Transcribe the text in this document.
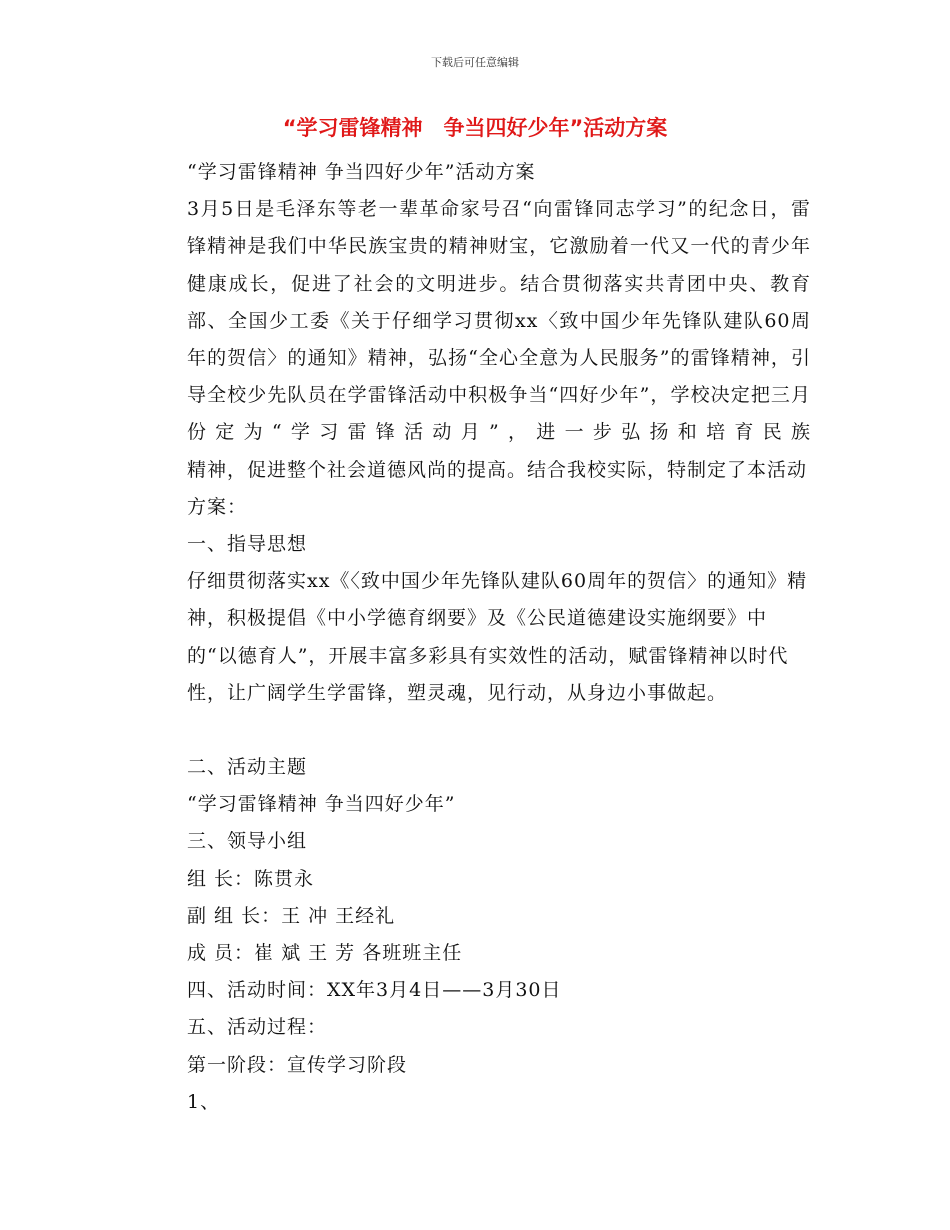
下载后可任意编辑
“学习雷锋精神　争当四好少年”活动方案

“学习雷锋精神 争当四好少年”活动方案

3月5日是毛泽东等老一辈革命家号召“向雷锋同志学习”的纪念日，雷锋精神是我们中华民族宝贵的精神财宝，它激励着一代又一代的青少年健康成长，促进了社会的文明进步。结合贯彻落实共青团中央、教育部、全国少工委《关于仔细学习贯彻xx〈致中国少年先锋队建队60周年的贺信〉的通知》精神，弘扬“全心全意为人民服务”的雷锋精神，引导全校少先队员在学雷锋活动中积极争当“四好少年”，学校决定把三月份定为“学习雷锋活动月”，进一步弘扬和培育民族

精神，促进整个社会道德风尚的提高。结合我校实际，特制定了本活动方案：

一、指导思想

仔细贯彻落实xx《〈致中国少年先锋队建队60周年的贺信〉的通知》精神，积极提倡《中小学德育纲要》及《公民道德建设实施纲要》中的“以德育人”，开展丰富多彩具有实效性的活动，赋雷锋精神以时代性，让广阔学生学雷锋，塑灵魂，见行动，从身边小事做起。

二、活动主题

“学习雷锋精神 争当四好少年”

三、领导小组

组 长：陈贯永

副 组 长：王 冲 王经礼

成 员：崔 斌 王 芳 各班班主任

四、活动时间：XX年3月4日——3月30日

五、活动过程：

第一阶段：宣传学习阶段

1、
